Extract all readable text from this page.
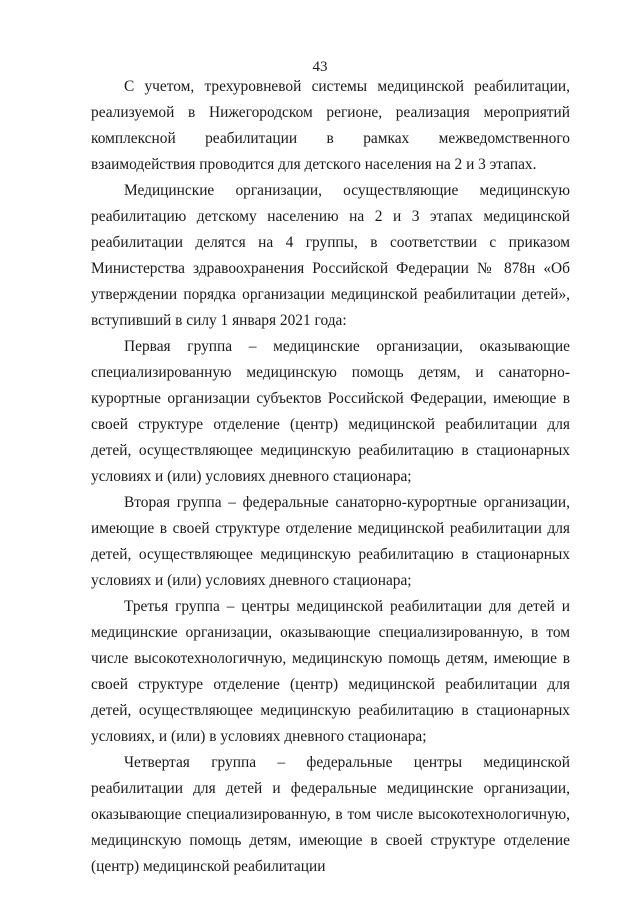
43

С учетом, трехуровневой системы медицинской реабилитации, реализуемой в Нижегородском регионе, реализация мероприятий комплексной реабилитации в рамках межведомственного взаимодействия проводится для детского населения на 2 и 3 этапах.

Медицинские организации, осуществляющие медицинскую реабилитацию детскому населению на 2 и 3 этапах медицинской реабилитации делятся на 4 группы, в соответствии с приказом Министерства здравоохранения Российской Федерации № 878н «Об утверждении порядка организации медицинской реабилитации детей», вступивший в силу 1 января 2021 года:

Первая группа – медицинские организации, оказывающие специализированную медицинскую помощь детям, и санаторно-курортные организации субъектов Российской Федерации, имеющие в своей структуре отделение (центр) медицинской реабилитации для детей, осуществляющее медицинскую реабилитацию в стационарных условиях и (или) условиях дневного стационара;

Вторая группа – федеральные санаторно-курортные организации, имеющие в своей структуре отделение медицинской реабилитации для детей, осуществляющее медицинскую реабилитацию в стационарных условиях и (или) условиях дневного стационара;

Третья группа – центры медицинской реабилитации для детей и медицинские организации, оказывающие специализированную, в том числе высокотехнологичную, медицинскую помощь детям, имеющие в своей структуре отделение (центр) медицинской реабилитации для детей, осуществляющее медицинскую реабилитацию в стационарных условиях, и (или) в условиях дневного стационара;

Четвертая группа – федеральные центры медицинской реабилитации для детей и федеральные медицинские организации, оказывающие специализированную, в том числе высокотехнологичную, медицинскую помощь детям, имеющие в своей структуре отделение (центр) медицинской реабилитации
